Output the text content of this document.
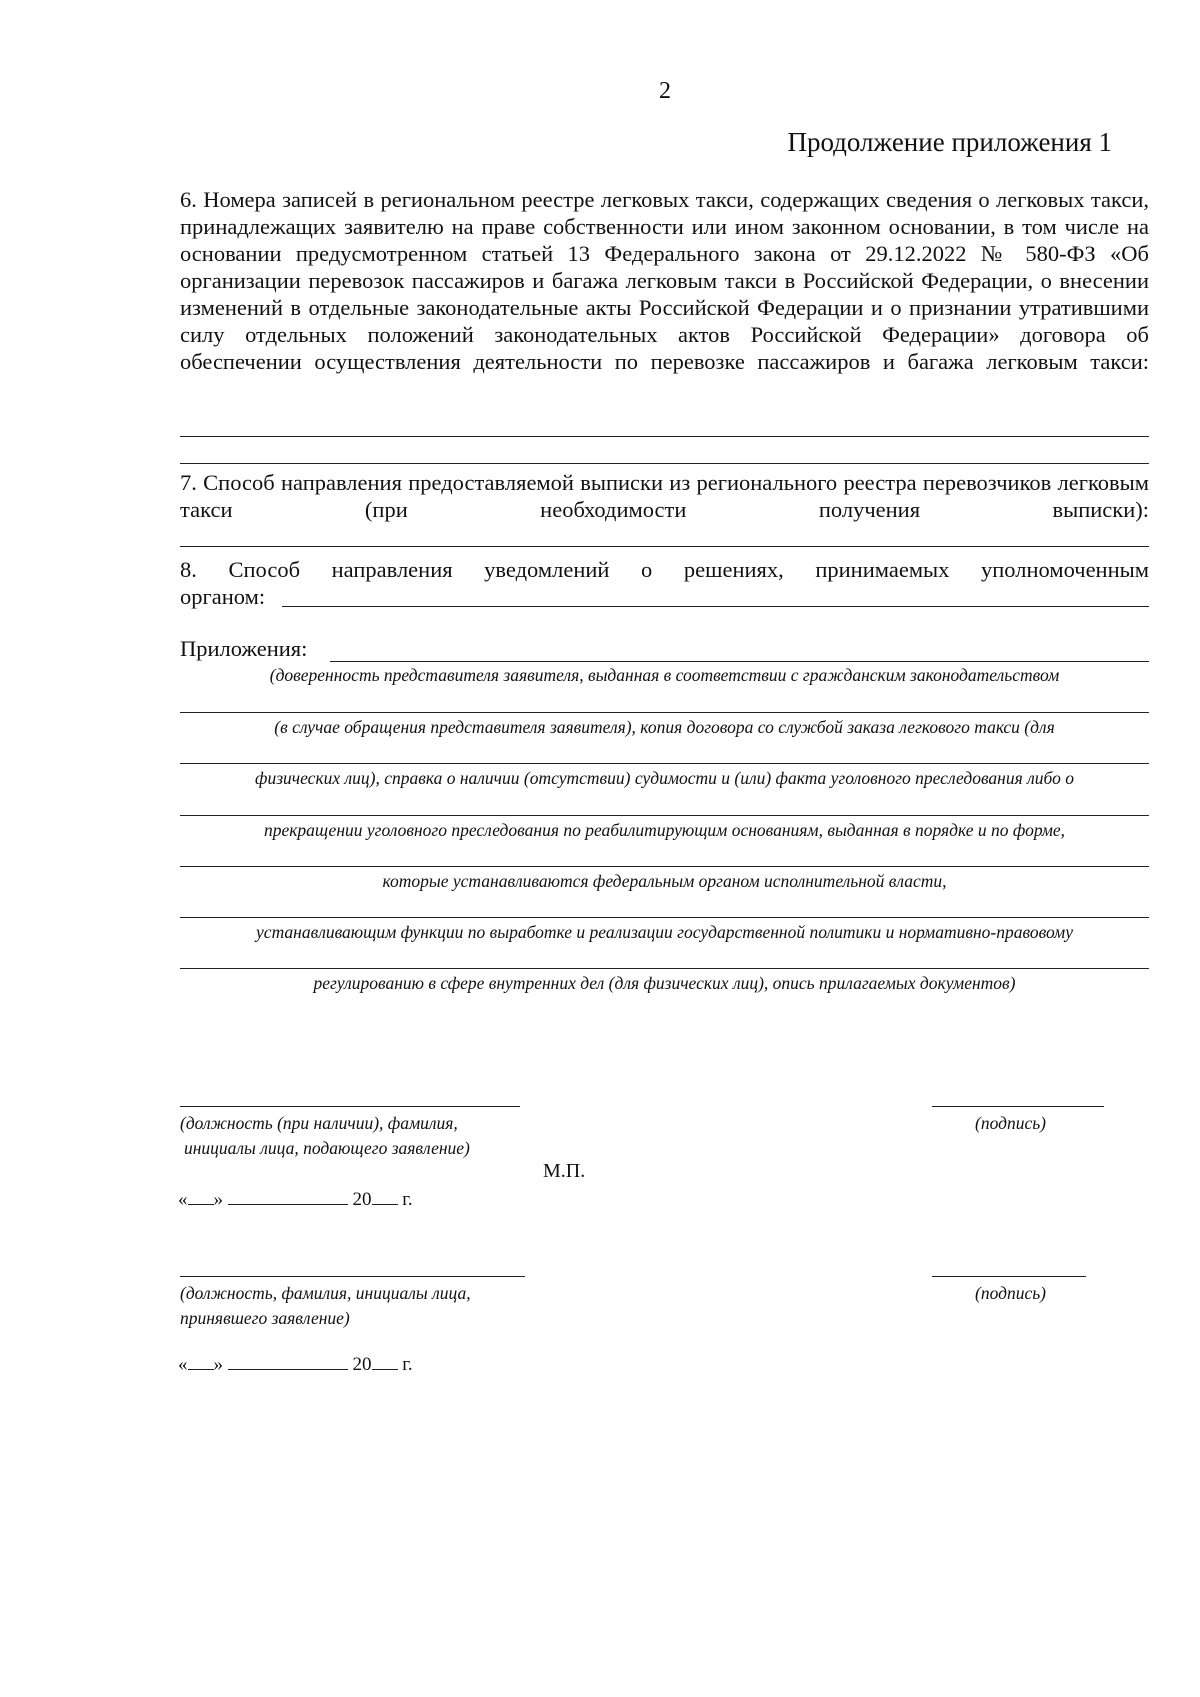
2
Продолжение приложения 1
6. Номера записей в региональном реестре легковых такси, содержащих сведения о легковых такси, принадлежащих заявителю на праве собственности или ином законном основании, в том числе на основании предусмотренном статьей 13 Федерального закона от 29.12.2022 № 580-ФЗ «Об организации перевозок пассажиров и багажа легковым такси в Российской Федерации, о внесении изменений в отдельные законодательные акты Российской Федерации и о признании утратившими силу отдельных положений законодательных актов Российской Федерации» договора об обеспечении осуществления деятельности по перевозке пассажиров и багажа легковым такси:
7. Способ направления предоставляемой выписки из регионального реестра перевозчиков легковым такси (при необходимости получения выписки):
8. Способ направления уведомлений о решениях, принимаемых уполномоченным
органом:
Приложения:
(доверенность представителя заявителя, выданная в соответствии с гражданским законодательством
(в случае обращения представителя заявителя), копия договора со службой заказа легкового такси (для
физических лиц), справка о наличии (отсутствии) судимости и (или) факта уголовного преследования либо о
прекращении уголовного преследования по реабилитирующим основаниям, выданная в порядке и по форме,
которые устанавливаются федеральным органом исполнительной власти,
устанавливающим функции по выработке и реализации государственной политики и нормативно-правовому
регулированию в сфере внутренних дел (для физических лиц), опись прилагаемых документов)
(должность (при наличии), фамилия,
инициалы лица, подающего заявление)
(подпись)
М.П.
« »	20 г.
(должность, фамилия, инициалы лица,
принявшего заявление)
(подпись)
« »	20 г.
